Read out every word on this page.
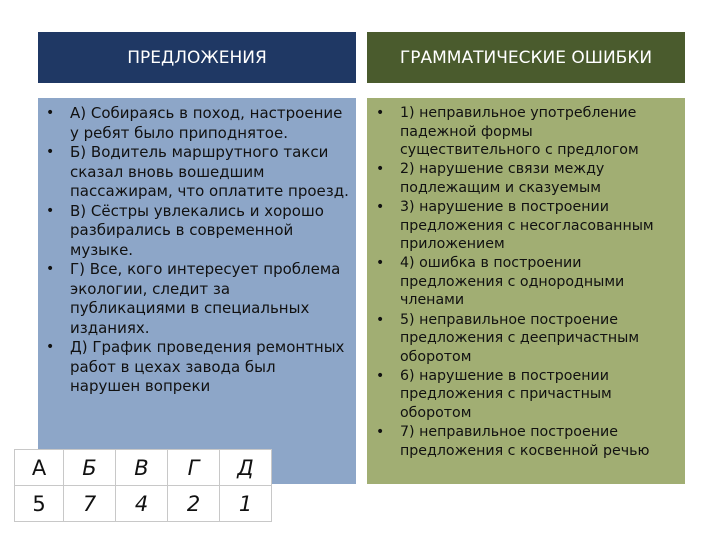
ПРЕДЛОЖЕНИЯ	ГРАММАТИЧЕСКИЕ ОШИБКИ
• А) Собираясь в поход, настроение у ребят было приподнятое.
• Б) Водитель маршрутного такси сказал вновь вошедшим пассажирам, что оплатите проезд.
• В) Сёстры увлекались и хорошо разбирались в современной музыке.
• Г) Все, кого интересует проблема экологии, следит за публикациями в специальных изданиях.
• Д) График проведения ремонтных работ в цехах завода был нарушен вопреки
• 1) неправильное употребление падежной формы существительного с предлогом
• 2) нарушение связи между подлежащим и сказуемым
• 3) нарушение в построении предложения с несогласованным приложением
• 4) ошибка в построении предложения с однородными членами
• 5) неправильное построение предложения с деепричастным оборотом
• 6) нарушение в построении предложения с причастным оборотом
• 7) неправильное построение предложения с косвенной речью
А	Б	В	Г	Д
5	7	4	2	1
